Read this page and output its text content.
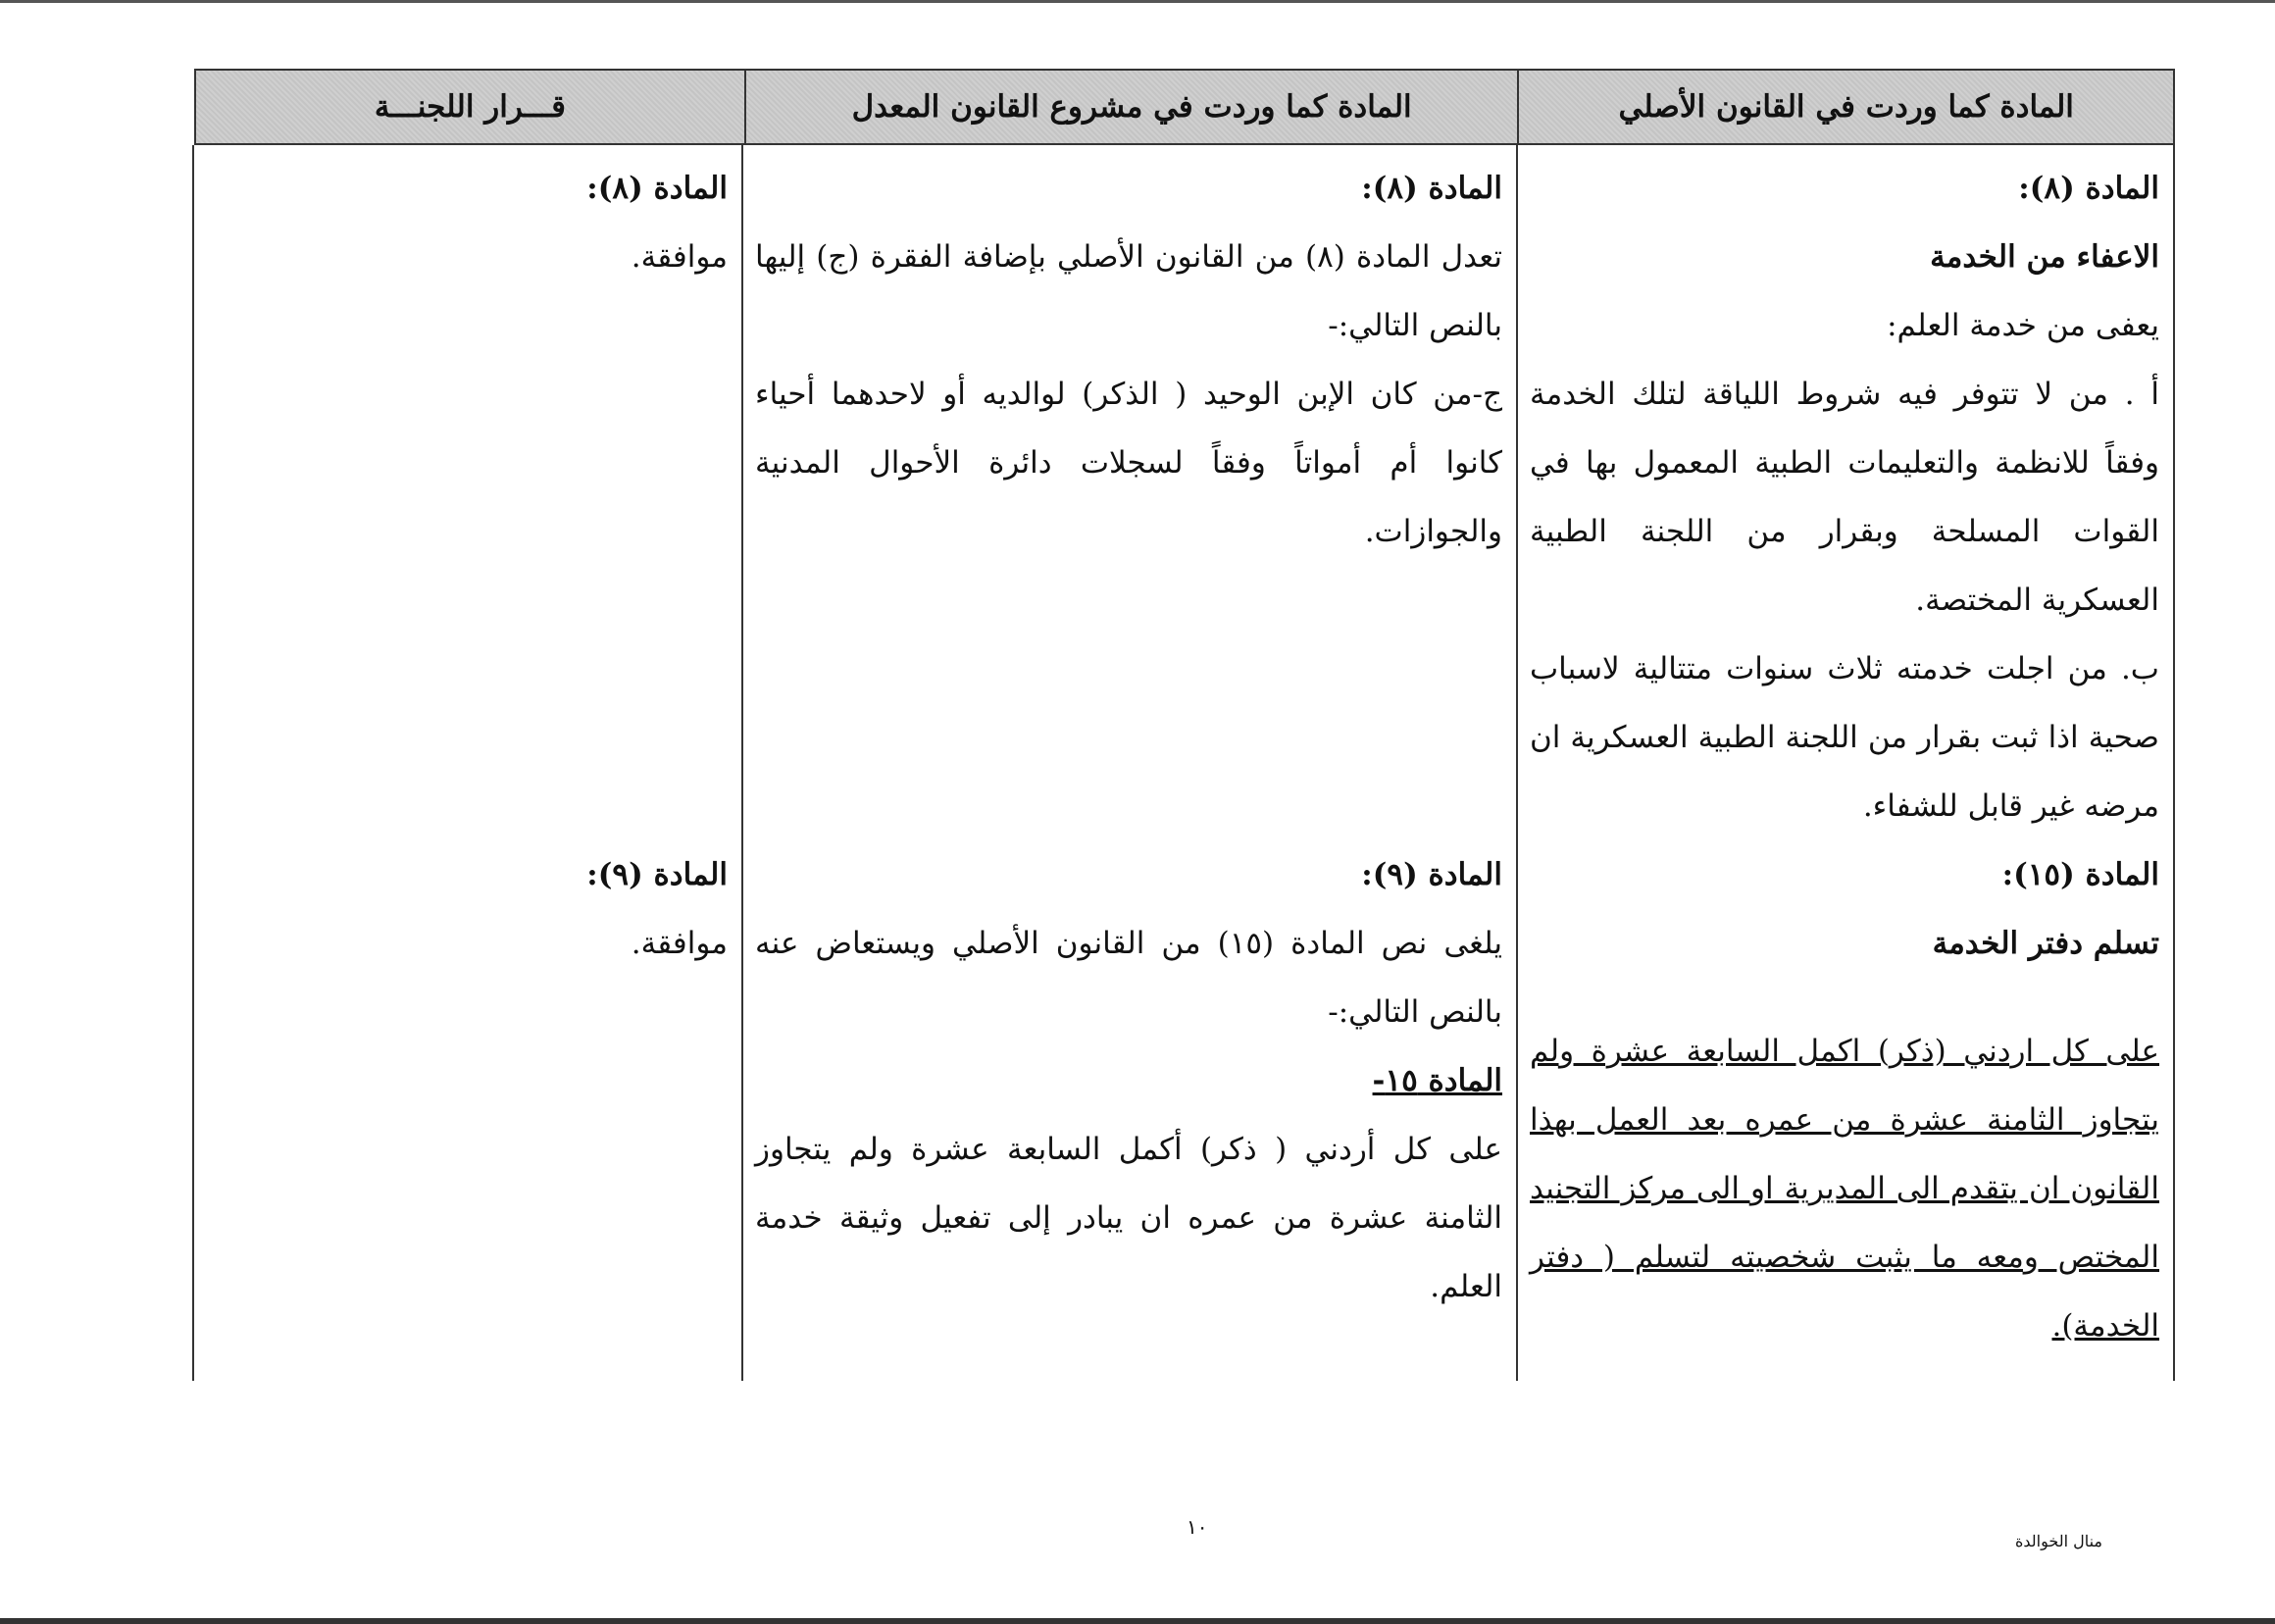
المادة كما وردت في القانون الأصلي
المادة كما وردت في مشروع القانون المعدل
قـــرار اللجنـــة

المادة (٨):

الاعفاء من الخدمة

يعفى من خدمة العلم:

أ . من لا تتوفر فيه شروط اللياقة لتلك الخدمة وفقاً للانظمة والتعليمات الطبية المعمول بها في القوات المسلحة وبقرار من اللجنة الطبية العسكرية المختصة.

ب. من اجلت خدمته ثلاث سنوات متتالية لاسباب صحية اذا ثبت بقرار من اللجنة الطبية العسكرية ان مرضه غير قابل للشفاء.

المادة (٨):

تعدل المادة (٨) من القانون الأصلي بإضافة الفقرة (ج) إليها بالنص التالي:-

ج-من كان الإبن الوحيد ( الذكر) لوالديه أو لاحدهما أحياء كانوا أم أمواتاً وفقاً لسجلات دائرة الأحوال المدنية والجوازات.

المادة (٨):

موافقة.

المادة (١٥):

تسلم دفتر الخدمة

على كل اردني (ذكر) اكمل السابعة عشرة ولم يتجاوز الثامنة عشرة من عمره بعد العمل بهذا القانون ان يتقدم الى المديرية او الى مركز التجنيد المختص ومعه ما يثبت شخصيته لتسلم ( دفتر الخدمة).

المادة (٩):

يلغى نص المادة (١٥) من القانون الأصلي ويستعاض عنه بالنص التالي:-

المادة ١٥-

على كل أردني ( ذكر) أكمل السابعة عشرة ولم يتجاوز الثامنة عشرة من عمره ان يبادر إلى تفعيل وثيقة خدمة العلم.

المادة (٩):

موافقة.

١٠
منال الخوالدة
